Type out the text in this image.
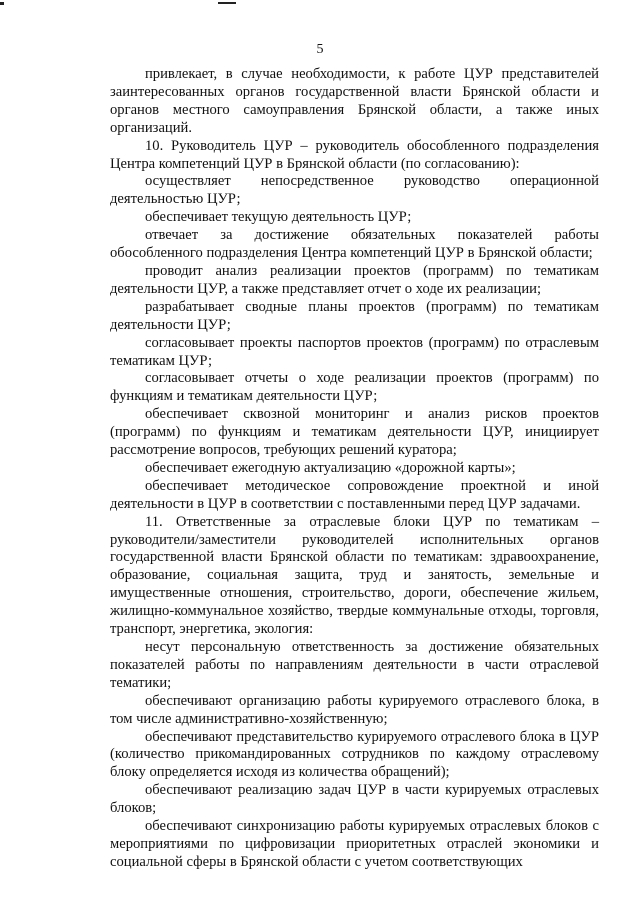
5

привлекает, в случае необходимости, к работе ЦУР представителей заинтересованных органов государственной власти Брянской области и органов местного самоуправления Брянской области, а также иных организаций.

10. Руководитель ЦУР – руководитель обособленного подразделения Центра компетенций ЦУР в Брянской области (по согласованию):

осуществляет непосредственное руководство операционной деятельностью ЦУР;

обеспечивает текущую деятельность ЦУР;

отвечает за достижение обязательных показателей работы обособленного подразделения Центра компетенций ЦУР в Брянской области;

проводит анализ реализации проектов (программ) по тематикам деятельности ЦУР, а также представляет отчет о ходе их реализации;

разрабатывает сводные планы проектов (программ) по тематикам деятельности ЦУР;

согласовывает проекты паспортов проектов (программ) по отраслевым тематикам ЦУР;

согласовывает отчеты о ходе реализации проектов (программ) по функциям и тематикам деятельности ЦУР;

обеспечивает сквозной мониторинг и анализ рисков проектов (программ) по функциям и тематикам деятельности ЦУР, инициирует рассмотрение вопросов, требующих решений куратора;

обеспечивает ежегодную актуализацию «дорожной карты»;

обеспечивает методическое сопровождение проектной и иной деятельности в ЦУР в соответствии с поставленными перед ЦУР задачами.

11. Ответственные за отраслевые блоки ЦУР по тематикам – руководители/заместители руководителей исполнительных органов государственной власти Брянской области по тематикам: здравоохранение, образование, социальная защита, труд и занятость, земельные и имущественные отношения, строительство, дороги, обеспечение жильем, жилищно-коммунальное хозяйство, твердые коммунальные отходы, торговля, транспорт, энергетика, экология:

несут персональную ответственность за достижение обязательных показателей работы по направлениям деятельности в части отраслевой тематики;

обеспечивают организацию работы курируемого отраслевого блока, в том числе административно-хозяйственную;

обеспечивают представительство курируемого отраслевого блока в ЦУР (количество прикомандированных сотрудников по каждому отраслевому блоку определяется исходя из количества обращений);

обеспечивают реализацию задач ЦУР в части курируемых отраслевых блоков;

обеспечивают синхронизацию работы курируемых отраслевых блоков с мероприятиями по цифровизации приоритетных отраслей экономики и социальной сферы в Брянской области с учетом соответствующих
